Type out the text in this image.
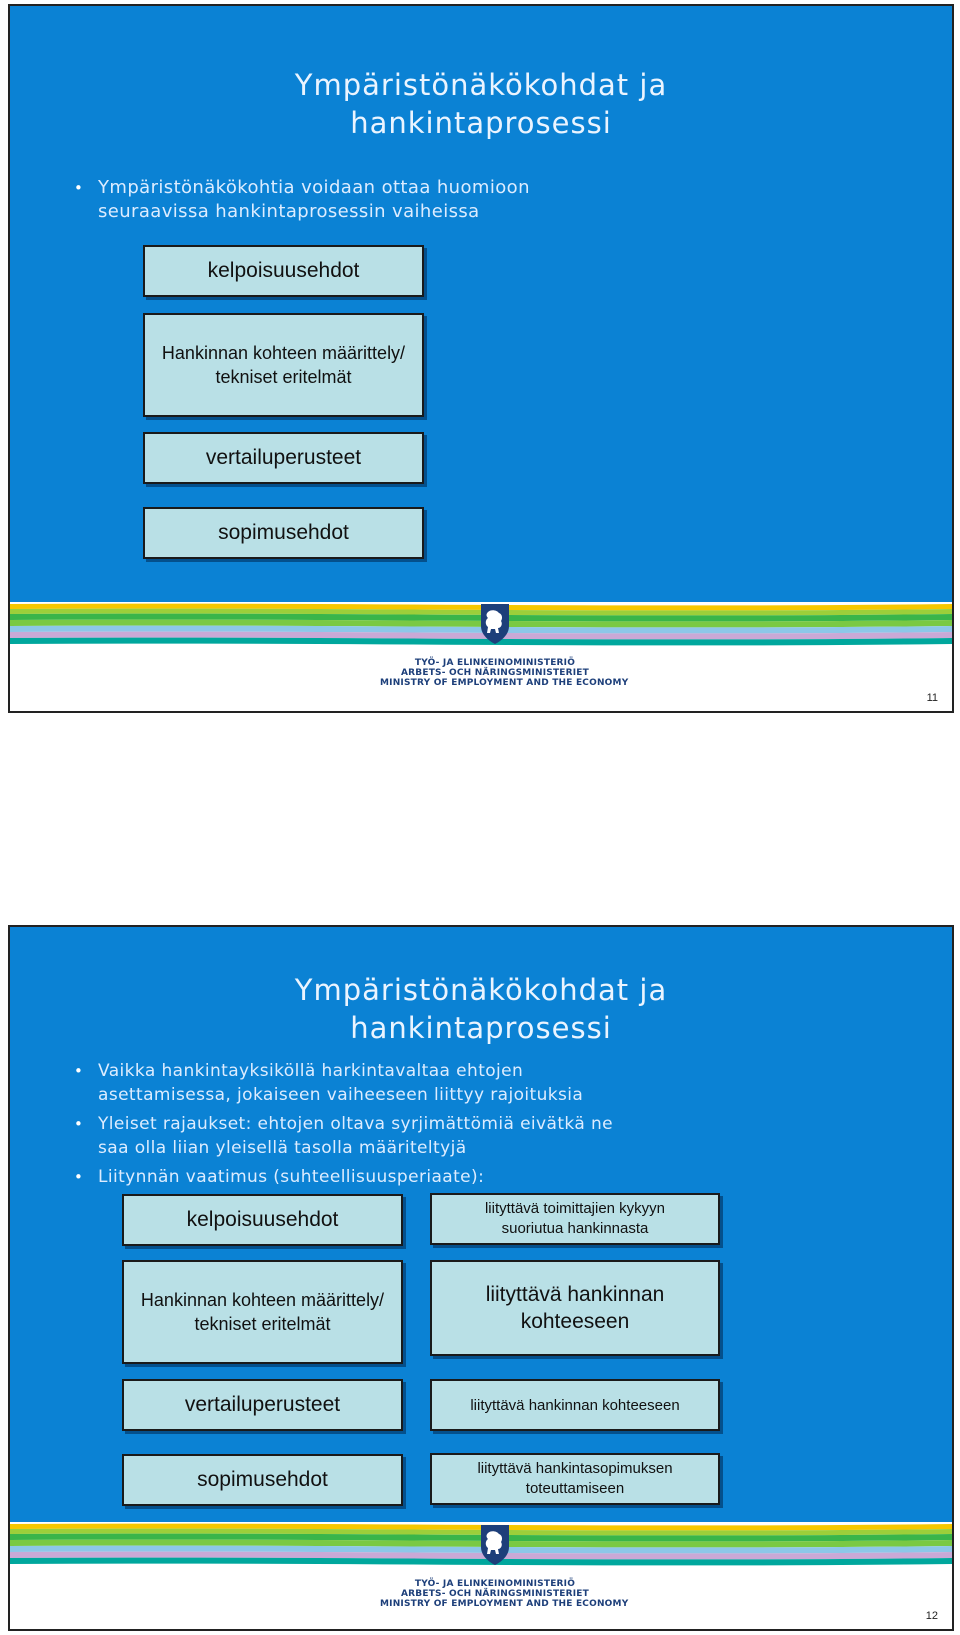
Ympäristönäkökohdat ja
hankintaprosessi
• Ympäristönäkökohtia voidaan ottaa huomioon
seuraavissa hankintaprosessin vaiheissa
kelpoisuusehdot
Hankinnan kohteen määrittely/
tekniset eritelmät
vertailuperusteet
sopimusehdot
TYÖ- JA ELINKEINOMINISTERIÖ
ARBETS- OCH NÄRINGSMINISTERIET
MINISTRY OF EMPLOYMENT AND THE ECONOMY
11
Ympäristönäkökohdat ja
hankintaprosessi
• Vaikka hankintayksiköllä harkintavaltaa ehtojen
asettamisessa, jokaiseen vaiheeseen liittyy rajoituksia
• Yleiset rajaukset: ehtojen oltava syrjimättömiä eivätkä ne
saa olla liian yleisellä tasolla määriteltyjä
• Liitynnän vaatimus (suhteellisuusperiaate):
kelpoisuusehdot
Hankinnan kohteen määrittely/
tekniset eritelmät
vertailuperusteet
sopimusehdot
liityttävä toimittajien kykyyn
suoriutua hankinnasta
liityttävä hankinnan
kohteeseen
liityttävä hankinnan kohteeseen
liityttävä hankintasopimuksen
toteuttamiseen
TYÖ- JA ELINKEINOMINISTERIÖ
ARBETS- OCH NÄRINGSMINISTERIET
MINISTRY OF EMPLOYMENT AND THE ECONOMY
12
